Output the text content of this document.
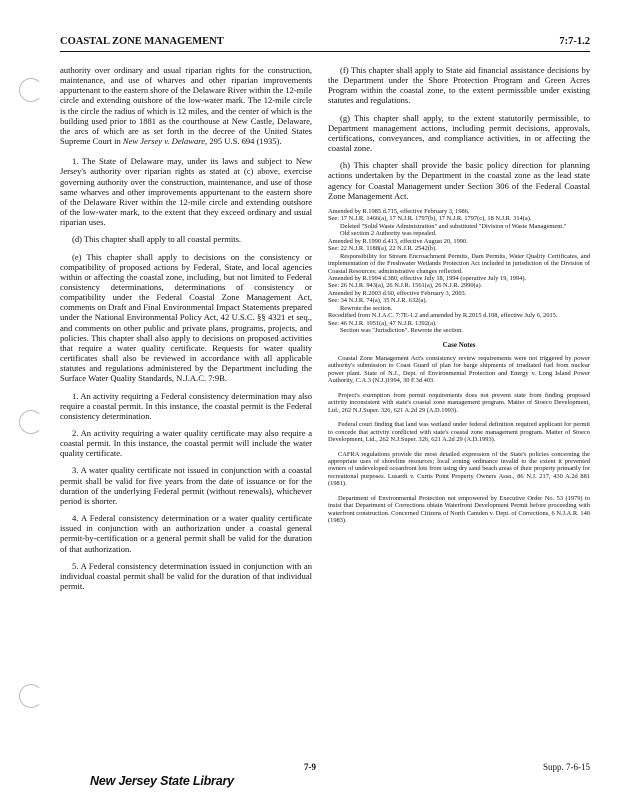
COASTAL ZONE MANAGEMENT	7:7-1.2

authority over ordinary and usual riparian rights for the construction, maintenance, and use of wharves and other riparian improvements appurtenant to the eastern shore of the Delaware River within the 12-mile circle and extending outshore of the low-water mark. The 12-mile circle is the circle the radius of which is 12 miles, and the center of which is the building used prior to 1881 as the courthouse at New Castle, Delaware, the arcs of which are as set forth in the decree of the United States Supreme Court in New Jersey v. Delaware, 295 U.S. 694 (1935).

1. The State of Delaware may, under its laws and subject to New Jersey's authority over riparian rights as stated at (c) above, exercise governing authority over the construction, maintenance, and use of those same wharves and other improvements appurtenant to the eastern shore of the Delaware River within the 12-mile circle and extending outshore of the low-water mark, to the extent that they exceed ordinary and usual riparian uses.

(d) This chapter shall apply to all coastal permits.

(e) This chapter shall apply to decisions on the consistency or compatibility of proposed actions by Federal, State, and local agencies within or affecting the coastal zone, including, but not limited to Federal consistency determinations, determinations of consistency or compatibility under the Federal Coastal Zone Management Act, comments on Draft and Final Environmental Impact Statements prepared under the National Environmental Policy Act, 42 U.S.C. §§ 4321 et seq., and comments on other public and private plans, programs, projects, and policies. This chapter shall also apply to decisions on proposed activities that require a water quality certificate. Requests for water quality certificates shall also be reviewed in accordance with all applicable statutes and regulations administered by the Department including the Surface Water Quality Standards, N.J.A.C. 7:9B.

1. An activity requiring a Federal consistency determination may also require a coastal permit. In this instance, the coastal permit is the Federal consistency determination.

2. An activity requiring a water quality certificate may also require a coastal permit. In this instance, the coastal permit will include the water quality certificate.

3. A water quality certificate not issued in conjunction with a coastal permit shall be valid for five years from the date of issuance or for the duration of the underlying Federal permit (without renewals), whichever period is shorter.

4. A Federal consistency determination or a water quality certificate issued in conjunction with an authorization under a coastal general permit-by-certification or a general permit shall be valid for the duration of that authorization.

5. A Federal consistency determination issued in conjunction with an individual coastal permit shall be valid for the duration of that individual permit.

(f) This chapter shall apply to State aid financial assistance decisions by the Department under the Shore Protection Program and Green Acres Program within the coastal zone, to the extent permissible under existing statutes and regulations.

(g) This chapter shall apply, to the extent statutorily permissible, to Department management actions, including permit decisions, approvals, certifications, conveyances, and compliance activities, in or affecting the coastal zone.

(h) This chapter shall provide the basic policy direction for planning actions undertaken by the Department in the coastal zone as the lead state agency for Coastal Management under Section 306 of the Federal Coastal Zone Management Act.

Amended by R.1985 d.715, effective February 3, 1986.

See: 17 N.J.R. 1466(a), 17 N.J.R. 1797(b), 17 N.J.R. 1797(c), 18 N.J.R. 314(a).

Deleted "Solid Waste Administration" and substituted "Division of Waste Management."

Old section 2 Authority was repealed.

Amended by R.1990 d.413, effective August 20, 1990.

See: 22 N.J.R. 1188(a), 22 N.J.R. 2542(b).

Responsibility for Stream Encroachment Permits, Dam Permits, Water Quality Certificates, and implementation of the Freshwater Wetlands Protection Act included in jurisdiction of the Division of Coastal Resources; administrative changes reflected.

Amended by R.1994 d.380, effective July 18, 1994 (operative July 19, 1994).

See: 26 N.J.R. 943(a), 26 N.J.R. 1561(a), 26 N.J.R. 2990(a).

Amended by R.2003 d.60, effective February 3, 2003.

See: 34 N.J.R. 74(a), 35 N.J.R. 632(a).

Rewrote the section.

Recodified from N.J.A.C. 7:7E-1.2 and amended by R.2015 d.108, effective July 6, 2015.

See: 46 N.J.R. 1051(a), 47 N.J.R. 1392(a).

Section was "Jurisdiction". Rewrote the section.

Case Notes

Coastal Zone Management Act's consistency review requirements were not triggered by power authority's submission to Coast Guard of plan for barge shipments of irradiated fuel from nuclear power plant. State of N.J., Dept. of Environmental Protection and Energy v. Long Island Power Authority, C.A.3 (N.J.)1994, 30 F.3d 403.

Project's exemption from permit requirements does not prevent state from finding proposed activity inconsistent with state's coastal zone management program. Matter of Stoeco Development, Ltd., 262 N.J.Super. 326, 621 A.2d 29 (A.D.1993).

Federal court finding that land was wetland under federal definition required applicant for permit to concede that activity conflicted with state's coastal zone management program. Matter of Stoeco Development, Ltd., 262 N.J.Super. 326, 621 A.2d 29 (A.D.1993).

CAFRA regulations provide the most detailed expression of the State's policies concerning the appropriate uses of shoreline resources; local zoning ordinance invalid to the extent it prevented owners of undeveloped oceanfront lots from using dry sand beach areas of their property primarily for recreational purposes. Lusardi v. Curtis Point Property Owners Assn., 86 N.J. 217, 430 A.2d 881 (1981).

Department of Environmental Protection not empowered by Executive Order No. 53 (1979) to insist that Department of Corrections obtain Waterfront Development Permit before proceeding with waterfront construction. Concerned Citizens of North Camden v. Dept. of Corrections, 6 N.J.A.R. 140 (1983).

7-9	Supp. 7-6-15
New Jersey State Library
